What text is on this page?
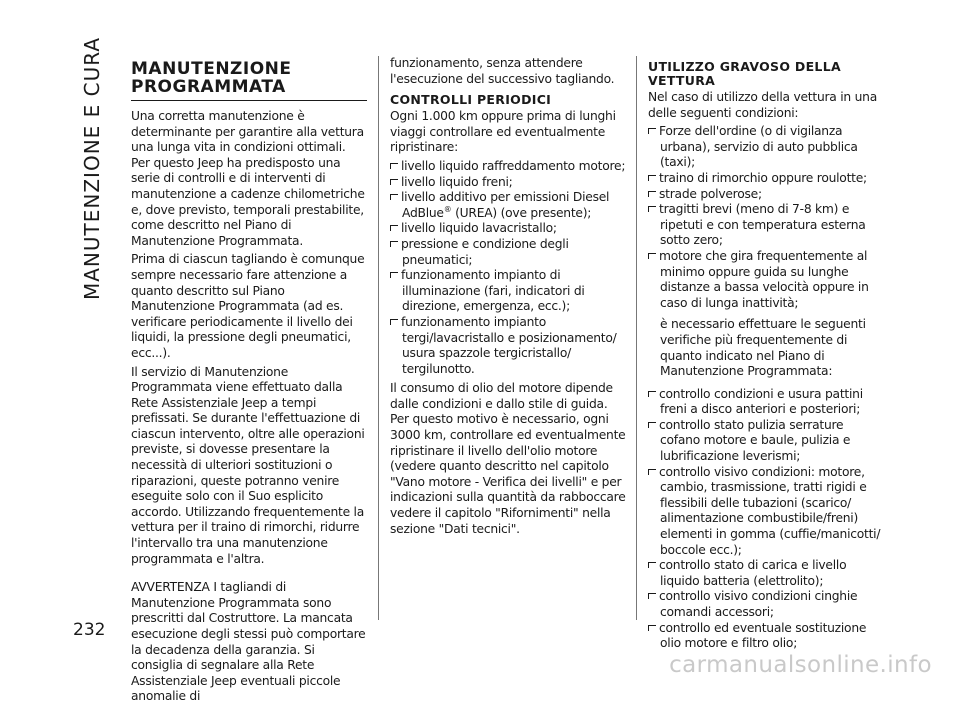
MANUTENZIONE E CURA
232
MANUTENZIONE
PROGRAMMATA

Una corretta manutenzione è determinante per garantire alla vettura una lunga vita in condizioni ottimali. Per questo Jeep ha predisposto una serie di controlli e di interventi di manutenzione a cadenze chilometriche e, dove previsto, temporali prestabilite, come descritto nel Piano di Manutenzione Programmata.

Prima di ciascun tagliando è comunque sempre necessario fare attenzione a quanto descritto sul Piano Manutenzione Programmata (ad es. verificare periodicamente il livello dei liquidi, la pressione degli pneumatici, ecc...).

Il servizio di Manutenzione Programmata viene effettuato dalla Rete Assistenziale Jeep a tempi prefissati. Se durante l'effettuazione di ciascun intervento, oltre alle operazioni previste, si dovesse presentare la necessità di ulteriori sostituzioni o riparazioni, queste potranno venire eseguite solo con il Suo esplicito accordo. Utilizzando frequentemente la vettura per il traino di rimorchi, ridurre l'intervallo tra una manutenzione programmata e l'altra.

AVVERTENZA I tagliandi di Manutenzione Programmata sono prescritti dal Costruttore. La mancata esecuzione degli stessi può comportare la decadenza della garanzia. Si consiglia di segnalare alla Rete Assistenziale Jeep eventuali piccole anomalie di

funzionamento, senza attendere l'esecuzione del successivo tagliando.

CONTROLLI PERIODICI

Ogni 1.000 km oppure prima di lunghi viaggi controllare ed eventualmente ripristinare:

livello liquido raffreddamento motore;
livello liquido freni;
livello additivo per emissioni Diesel AdBlue® (UREA) (ove presente);
livello liquido lavacristallo;
pressione e condizione degli pneumatici;
funzionamento impianto di illuminazione (fari, indicatori di direzione, emergenza, ecc.);
funzionamento impianto tergi/lavacristallo e posizionamento/ usura spazzole tergicristallo/ tergilunotto.

Il consumo di olio del motore dipende dalle condizioni e dallo stile di guida. Per questo motivo è necessario, ogni 3000 km, controllare ed eventualmente ripristinare il livello dell'olio motore (vedere quanto descritto nel capitolo "Vano motore - Verifica dei livelli" e per indicazioni sulla quantità da rabboccare vedere il capitolo "Rifornimenti" nella sezione "Dati tecnici".

UTILIZZO GRAVOSO DELLA
VETTURA

Nel caso di utilizzo della vettura in una delle seguenti condizioni:

Forze dell'ordine (o di vigilanza urbana), servizio di auto pubblica (taxi);
traino di rimorchio oppure roulotte;
strade polverose;
tragitti brevi (meno di 7-8 km) e ripetuti e con temperatura esterna sotto zero;
motore che gira frequentemente al minimo oppure guida su lunghe distanze a bassa velocità oppure in caso di lunga inattività;

è necessario effettuare le seguenti verifiche più frequentemente di quanto indicato nel Piano di Manutenzione Programmata:

controllo condizioni e usura pattini freni a disco anteriori e posteriori;
controllo stato pulizia serrature cofano motore e baule, pulizia e lubrificazione leverismi;
controllo visivo condizioni: motore, cambio, trasmissione, tratti rigidi e flessibili delle tubazioni (scarico/ alimentazione combustibile/freni) elementi in gomma (cuffie/manicotti/ boccole ecc.);
controllo stato di carica e livello liquido batteria (elettrolito);
controllo visivo condizioni cinghie comandi accessori;
controllo ed eventuale sostituzione olio motore e filtro olio;
carmanualsonline.info
